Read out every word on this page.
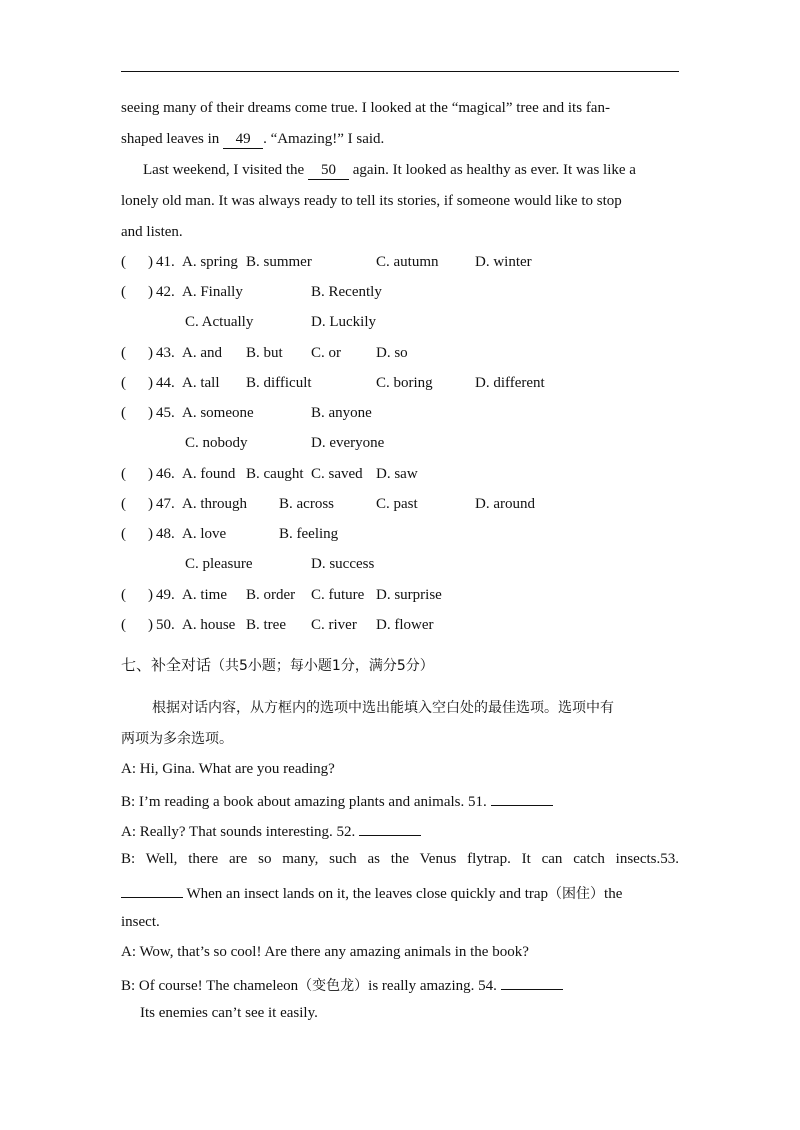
seeing many of their dreams come true. I looked at the “magical” tree and its fan-
shaped leaves in 49 . “Amazing!” I said.
Last weekend, I visited the 50 again. It looked as healthy as ever. It was like a
lonely old man. It was always ready to tell its stories, if someone would like to stop
and listen.
( ) 41. A. spring B. summer	C. autumn D. winter
( ) 42. A. Finally	B. Recently
C. Actually	D. Luckily
( ) 43. A. and B. but C. or D. so
( ) 44. A. tall B. difficult	C. boring	D. different
( ) 45. A. someone	B. anyone
C. nobody	D. everyone
( ) 46. A. found B. caught C. saved D. saw
( ) 47. A. through B. across	C. past	D. around
( ) 48. A. love	B. feeling
C. pleasure	D. success
( ) 49. A. time B. order C. future D. surprise
( ) 50. A. house B. tree C. river D. flower
七、补全对话（共5小题；每小题1分，满分5分）
根据对话内容，从方框内的选项中选出能填入空白处的最佳选项。选项中有
两项为多余选项。
A: Hi, Gina. What are you reading?
B: I’m reading a book about amazing plants and animals. 51.
A: Really? That sounds interesting. 52.
B: Well, there are so many, such as the Venus flytrap. It can catch insects.53.
When an insect lands on it, the leaves close quickly and trap（困住）the
insect.
A: Wow, that’s so cool! Are there any amazing animals in the book?
B: Of course! The chameleon（变色龙）is really amazing. 54.
Its enemies can’t see it easily.
